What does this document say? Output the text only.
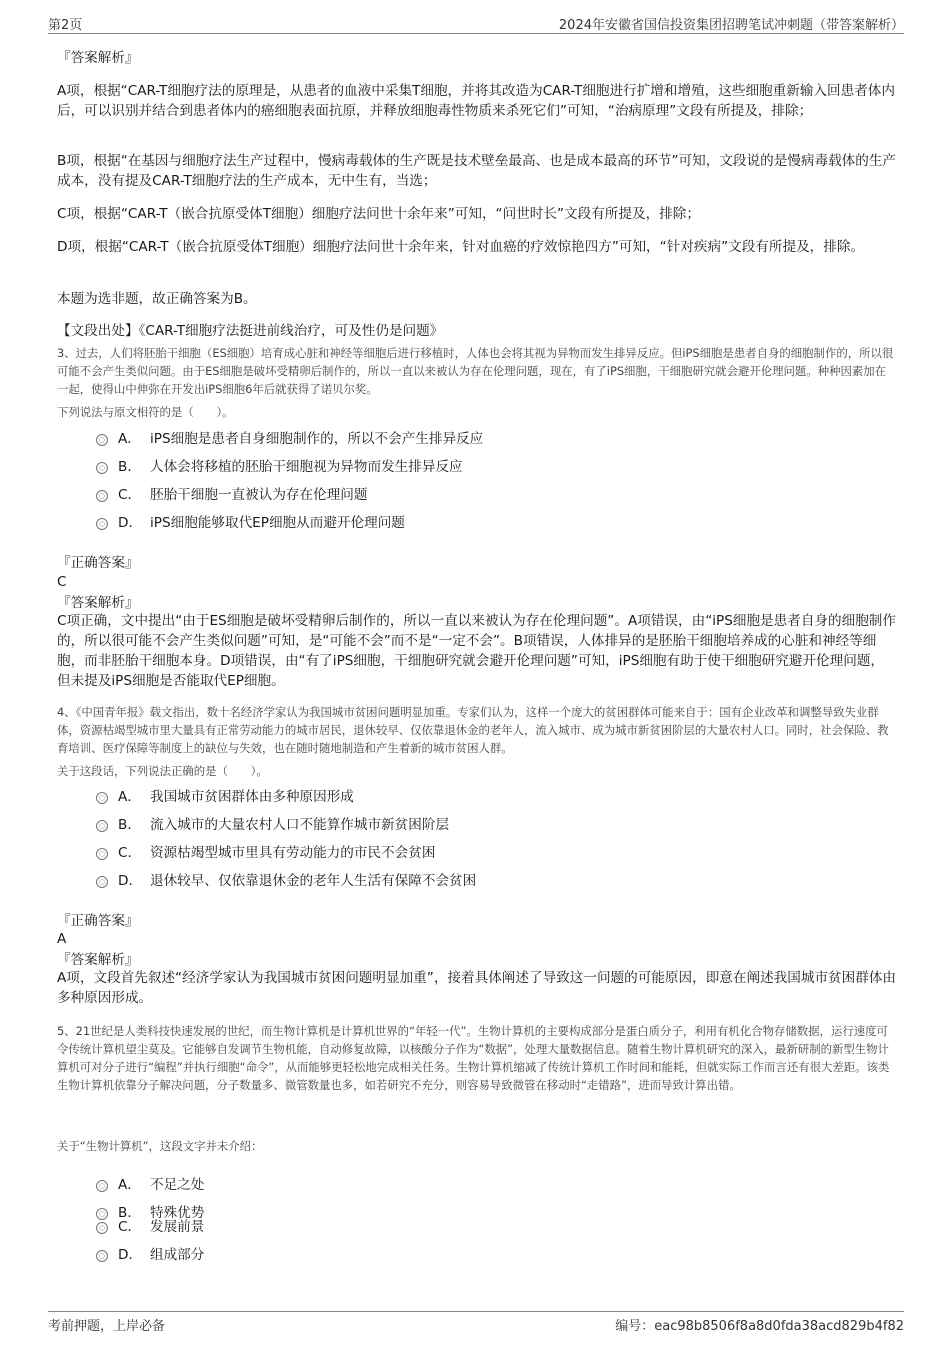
第2页	2024年安徽省国信投资集团招聘笔试冲刺题（带答案解析）
『答案解析』
A项，根据“CAR-T细胞疗法的原理是，从患者的血液中采集T细胞，并将其改造为CAR-T细胞进行扩增和增殖，这些细胞重新输入回患者体内后，可以识别并结合到患者体内的癌细胞表面抗原，并释放细胞毒性物质来杀死它们”可知，“治病原理”文段有所提及，排除；
B项，根据“在基因与细胞疗法生产过程中，慢病毒载体的生产既是技术壁垒最高、也是成本最高的环节”可知，文段说的是慢病毒载体的生产成本，没有提及CAR-T细胞疗法的生产成本，无中生有，当选；
C项，根据“CAR-T（嵌合抗原受体T细胞）细胞疗法问世十余年来”可知，“问世时长”文段有所提及，排除；
D项，根据“CAR-T（嵌合抗原受体T细胞）细胞疗法问世十余年来，针对血癌的疗效惊艳四方”可知，“针对疾病”文段有所提及，排除。
本题为选非题，故正确答案为B。
【文段出处】《CAR-T细胞疗法挺进前线治疗，可及性仍是问题》
3、过去，人们将胚胎干细胞（ES细胞）培育成心脏和神经等细胞后进行移植时，人体也会将其视为异物而发生排异反应。但iPS细胞是患者自身的细胞制作的，所以很可能不会产生类似问题。由于ES细胞是破坏受精卵后制作的，所以一直以来被认为存在伦理问题，现在，有了iPS细胞，干细胞研究就会避开伦理问题。种种因素加在一起，使得山中伸弥在开发出iPS细胞6年后就获得了诺贝尔奖。
下列说法与原文相符的是（　　）。
A． iPS细胞是患者自身细胞制作的，所以不会产生排异反应
B． 人体会将移植的胚胎干细胞视为异物而发生排异反应
C． 胚胎干细胞一直被认为存在伦理问题
D． iPS细胞能够取代EP细胞从而避开伦理问题
『正确答案』
C
『答案解析』
C项正确，文中提出“由于ES细胞是破坏受精卵后制作的，所以一直以来被认为存在伦理问题”。A项错误，由“iPS细胞是患者自身的细胞制作的，所以很可能不会产生类似问题”可知，是“可能不会”而不是“一定不会”。B项错误，人体排异的是胚胎干细胞培养成的心脏和神经等细胞，而非胚胎干细胞本身。D项错误，由“有了iPS细胞，干细胞研究就会避开伦理问题”可知，iPS细胞有助于使干细胞研究避开伦理问题，但未提及iPS细胞是否能取代EP细胞。
4、《中国青年报》载文指出，数十名经济学家认为我国城市贫困问题明显加重。专家们认为，这样一个庞大的贫困群体可能来自于：国有企业改革和调整导致失业群体，资源枯竭型城市里大量具有正常劳动能力的城市居民，退休较早、仅依靠退休金的老年人，流入城市、成为城市新贫困阶层的大量农村人口。同时，社会保险、教育培训、医疗保障等制度上的缺位与失效，也在随时随地制造和产生着新的城市贫困人群。
关于这段话，下列说法正确的是（　　）。
A． 我国城市贫困群体由多种原因形成
B． 流入城市的大量农村人口不能算作城市新贫困阶层
C． 资源枯竭型城市里具有劳动能力的市民不会贫困
D． 退休较早、仅依靠退休金的老年人生活有保障不会贫困
『正确答案』
A
『答案解析』
A项，文段首先叙述“经济学家认为我国城市贫困问题明显加重”，接着具体阐述了导致这一问题的可能原因，即意在阐述我国城市贫困群体由多种原因形成。
5、21世纪是人类科技快速发展的世纪，而生物计算机是计算机世界的“年轻一代”。生物计算机的主要构成部分是蛋白质分子，利用有机化合物存储数据，运行速度可令传统计算机望尘莫及。它能够自发调节生物机能，自动修复故障，以核酸分子作为“数据”，处理大量数据信息。随着生物计算机研究的深入，最新研制的新型生物计算机可对分子进行“编程”并执行细胞“命令”，从而能够更轻松地完成相关任务。生物计算机缩减了传统计算机工作时间和能耗，但就实际工作而言还有很大差距。该类生物计算机依靠分子解决问题，分子数量多、微管数量也多，如若研究不充分，则容易导致微管在移动时“走错路”，进而导致计算出错。
关于“生物计算机”，这段文字并未介绍：
A． 不足之处
B． 特殊优势
C． 发展前景
D． 组成部分
考前押题，上岸必备	编号：eac98b8506f8a8d0fda38acd829b4f82
